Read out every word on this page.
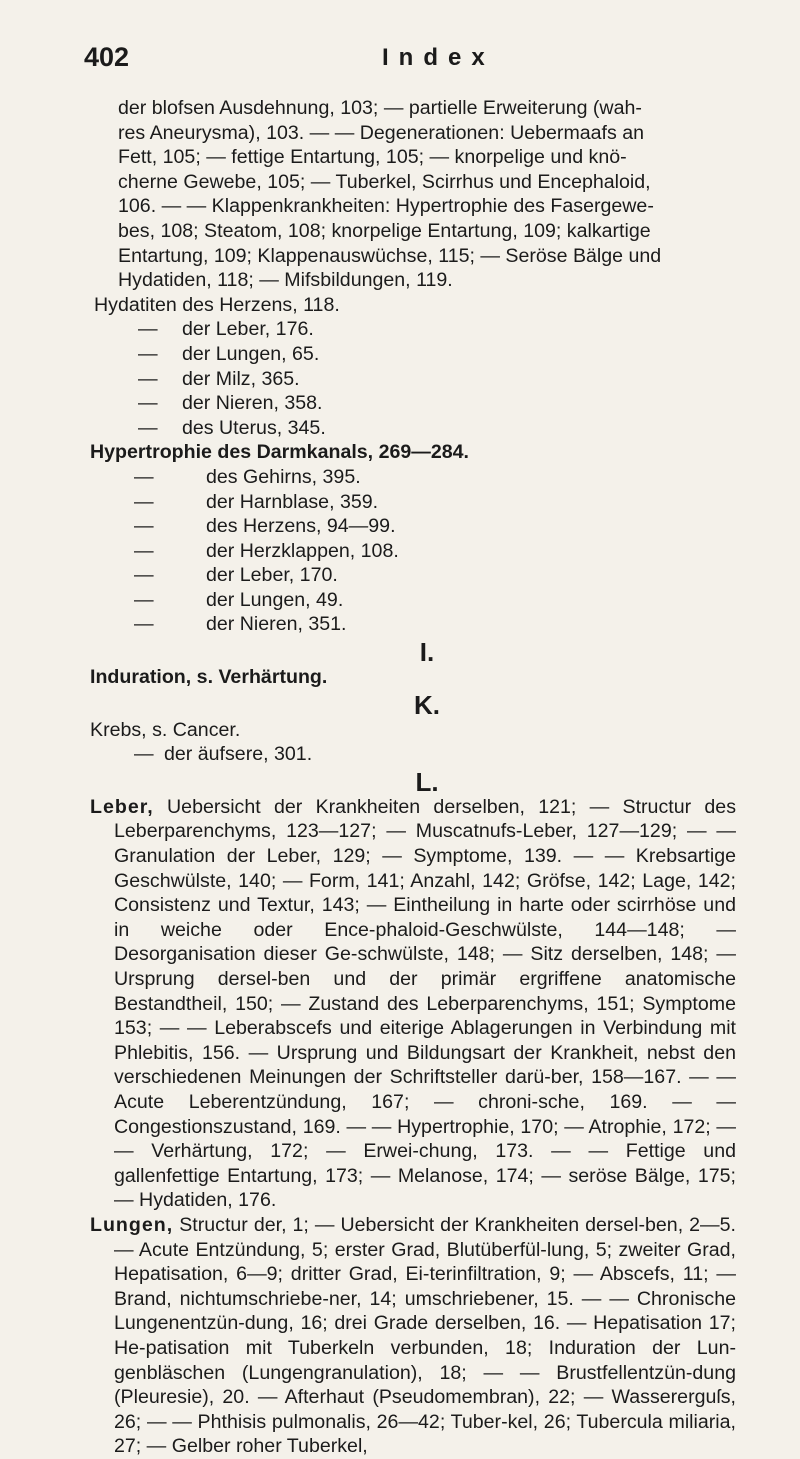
402	Index

der blofsen Ausdehnung, 103; — partielle Erweiterung (wah-

res Aneurysma), 103. — — Degenerationen: Uebermaafs an

Fett, 105; — fettige Entartung, 105; — knorpelige und knö-

cherne Gewebe, 105; — Tuberkel, Scirrhus und Encephaloid,

106. — — Klappenkrankheiten: Hypertrophie des Fasergewe-

bes, 108; Steatom, 108; knorpelige Entartung, 109; kalkartige

Entartung, 109; Klappenauswüchse, 115; — Seröse Bälge und

Hydatiden, 118; — Mifsbildungen, 119.

Hydatiten des Herzens, 118.

— der Leber, 176.

— der Lungen, 65.

— der Milz, 365.

— der Nieren, 358.

— des Uterus, 345.

Hypertrophie des Darmkanals, 269—284.

—	des Gehirns, 395.

—	der Harnblase, 359.

—	des Herzens, 94—99.

—	der Herzklappen, 108.

—	der Leber, 170.

—	der Lungen, 49.

—	der Nieren, 351.

I.

Induration, s. Verhärtung.

K.

Krebs, s. Cancer.

— der äufsere, 301.

L.

Leber, Uebersicht der Krankheiten derselben, 121; — Structur des Leberparenchyms, 123—127; — Muscatnufs-Leber, 127—129; — — Granulation der Leber, 129; — Symptome, 139. — — Krebsartige Geschwülste, 140; — Form, 141; Anzahl, 142; Gröfse, 142; Lage, 142; Consistenz und Textur, 143; — Eintheilung in harte oder scirrhöse und in weiche oder Ence-phaloid-Geschwülste, 144—148; — Desorganisation dieser Ge-schwülste, 148; — Sitz derselben, 148; — Ursprung dersel-ben und der primär ergriffene anatomische Bestandtheil, 150; — Zustand des Leberparenchyms, 151; Symptome 153; — — Leberabscefs und eiterige Ablagerungen in Verbindung mit Phlebitis, 156. — Ursprung und Bildungsart der Krankheit, nebst den verschiedenen Meinungen der Schriftsteller darü-ber, 158—167. — — Acute Leberentzündung, 167; — chroni-sche, 169. — — Congestionszustand, 169. — — Hypertrophie, 170; — Atrophie, 172; — — Verhärtung, 172; — Erwei-chung, 173. — — Fettige und gallenfettige Entartung, 173; — Melanose, 174; — seröse Bälge, 175; — Hydatiden, 176.

Lungen, Structur der, 1; — Uebersicht der Krankheiten dersel-ben, 2—5. — Acute Entzündung, 5; erster Grad, Blutüberfül-lung, 5; zweiter Grad, Hepatisation, 6—9; dritter Grad, Ei-terinfiltration, 9; — Abscefs, 11; — Brand, nichtumschriebe-ner, 14; umschriebener, 15. — — Chronische Lungenentzün-dung, 16; drei Grade derselben, 16. — Hepatisation 17; He-patisation mit Tuberkeln verbunden, 18; Induration der Lun-genbläschen (Lungengranulation), 18; — — Brustfellentzün-dung (Pleuresie), 20. — Afterhaut (Pseudomembran), 22; — Wassererguſs, 26; — — Phthisis pulmonalis, 26—42; Tuber-kel, 26; Tubercula miliaria, 27; — Gelber roher Tuberkel,
